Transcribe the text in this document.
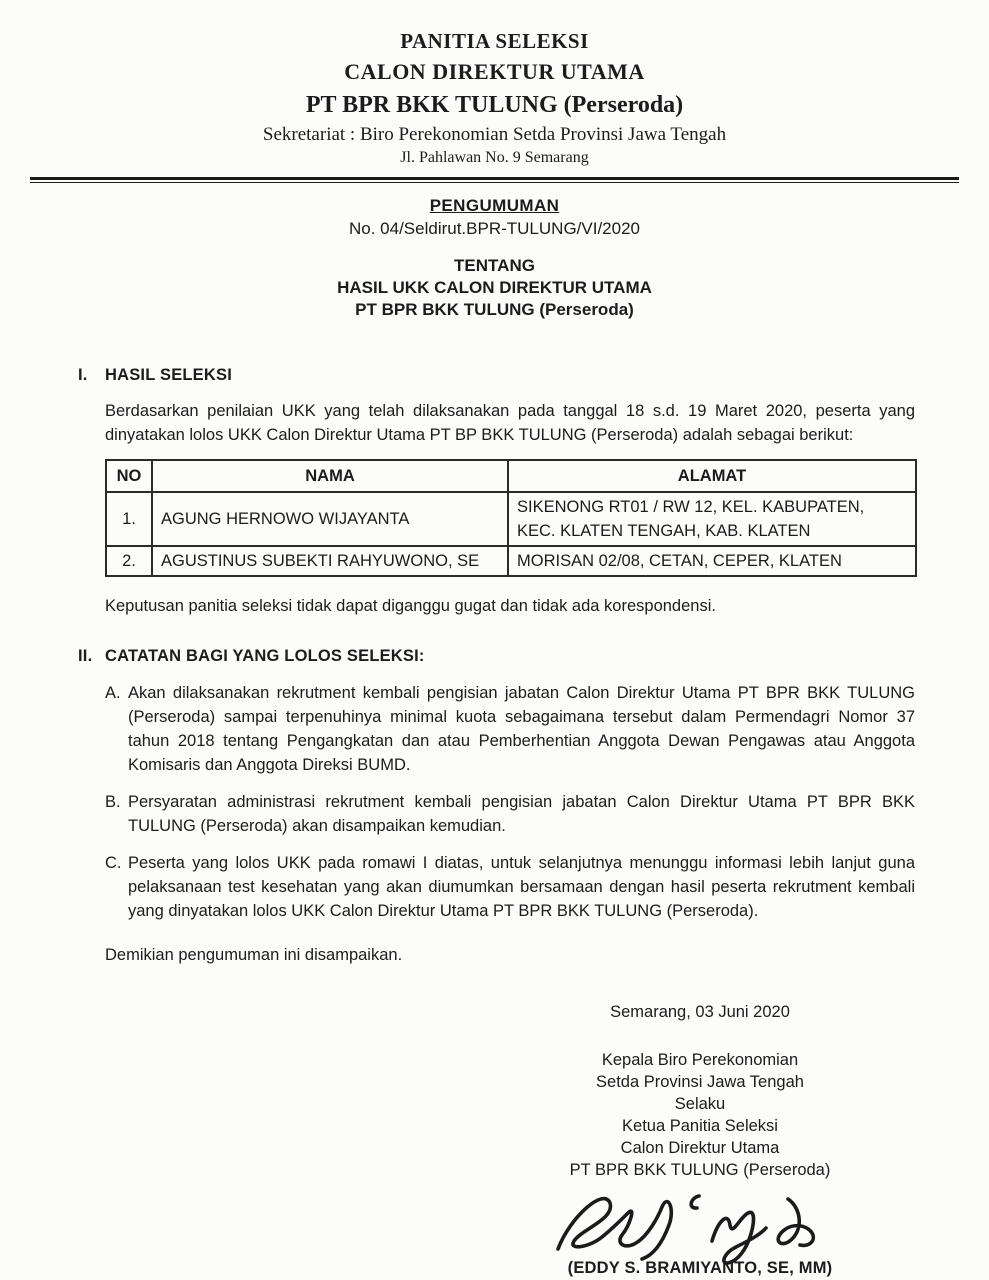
PANITIA SELEKSI
CALON DIREKTUR UTAMA
PT BPR BKK TULUNG (Perseroda)
Sekretariat : Biro Perekonomian Setda Provinsi Jawa Tengah
Jl. Pahlawan No. 9 Semarang
PENGUMUMAN
No. 04/Seldirut.BPR-TULUNG/VI/2020
TENTANG
HASIL UKK CALON DIREKTUR UTAMA
PT BPR BKK TULUNG (Perseroda)
I.	HASIL SELEKSI
Berdasarkan penilaian UKK yang telah dilaksanakan pada tanggal 18 s.d. 19 Maret 2020, peserta yang dinyatakan lolos UKK Calon Direktur Utama PT BP BKK TULUNG (Perseroda) adalah sebagai berikut:
NO	NAMA	ALAMAT
1.	AGUNG HERNOWO WIJAYANTA	SIKENONG RT01 / RW 12, KEL. KABUPATEN, KEC. KLATEN TENGAH, KAB. KLATEN
2.	AGUSTINUS SUBEKTI RAHYUWONO, SE	MORISAN 02/08, CETAN, CEPER, KLATEN
Keputusan panitia seleksi tidak dapat diganggu gugat dan tidak ada korespondensi.
II. CATATAN BAGI YANG LOLOS SELEKSI:
A. Akan dilaksanakan rekrutment kembali pengisian jabatan Calon Direktur Utama PT BPR BKK TULUNG (Perseroda) sampai terpenuhinya minimal kuota sebagaimana tersebut dalam Permendagri Nomor 37 tahun 2018 tentang Pengangkatan dan atau Pemberhentian Anggota Dewan Pengawas atau Anggota Komisaris dan Anggota Direksi BUMD.
B. Persyaratan administrasi rekrutment kembali pengisian jabatan Calon Direktur Utama PT BPR BKK TULUNG (Perseroda) akan disampaikan kemudian.
C. Peserta yang lolos UKK pada romawi I diatas, untuk selanjutnya menunggu informasi lebih lanjut guna pelaksanaan test kesehatan yang akan diumumkan bersamaan dengan hasil peserta rekrutment kembali yang dinyatakan lolos UKK Calon Direktur Utama PT BPR BKK TULUNG (Perseroda).
Demikian pengumuman ini disampaikan.
Semarang, 03 Juni 2020
Kepala Biro Perekonomian
Setda Provinsi Jawa Tengah
Selaku
Ketua Panitia Seleksi
Calon Direktur Utama
PT BPR BKK TULUNG (Perseroda)
(EDDY S. BRAMIYANTO, SE, MM)
